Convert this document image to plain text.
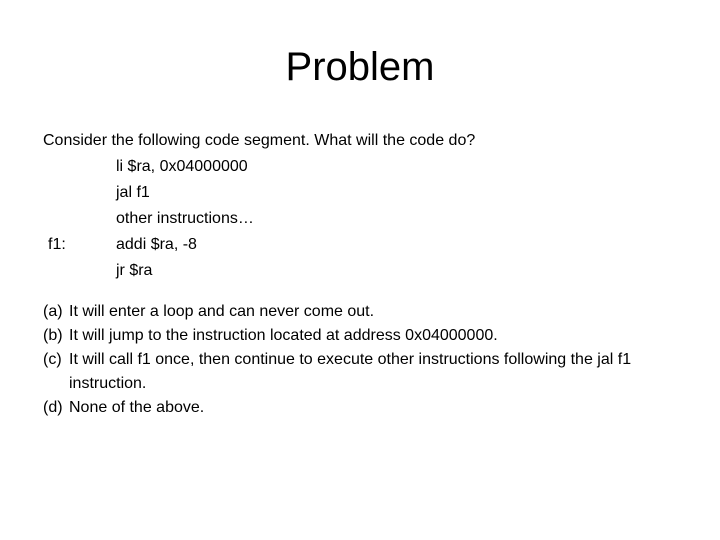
Problem

Consider the following code segment. What will the code do?

li $ra, 0x04000000
jal f1
other instructions…
f1:	addi $ra, -8
jr $ra
(a) It will enter a loop and can never come out.
(b) It will jump to the instruction located at address 0x04000000.
(c) It will call f1 once, then continue to execute other instructions following the jal f1 instruction.
(d) None of the above.
